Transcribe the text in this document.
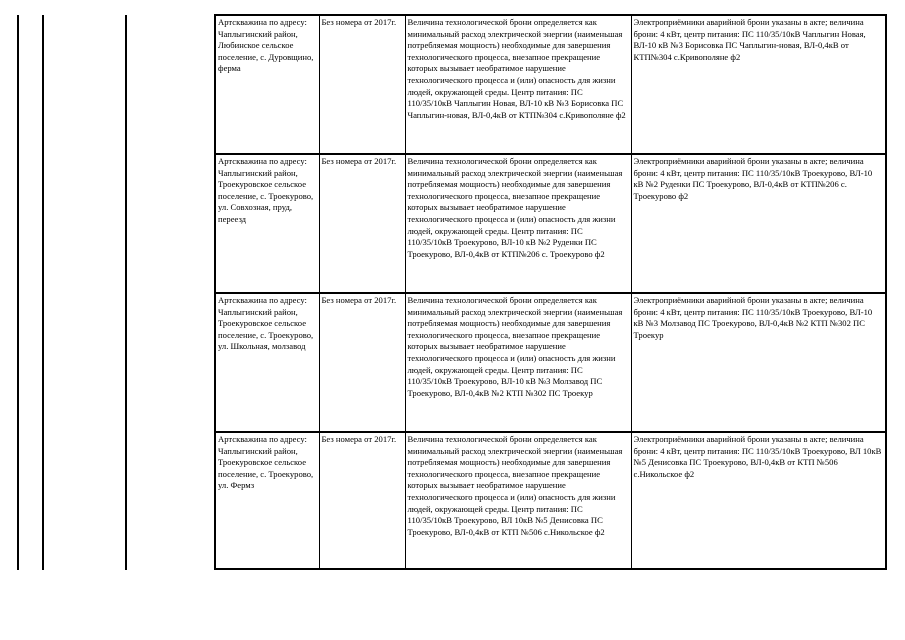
Артскважина по адресу: Чаплыгинский район, Любинское сельское поселение, с. Дуровщино, ферма	Без номера от 2017г.	Величина технологической брони определяется как минимальный расход электрической энергии (наименьшая потребляемая мощность) необходимые для завершения технологического процесса, внезапное прекращение которых вызывает необратимое нарушение технологического процесса и (или) опасность для жизни людей, окружающей среды. Центр питания: ПС 110/35/10кВ Чаплыгин Новая, ВЛ-10 кВ №3 Борисовка ПС Чаплыгин-новая, ВЛ-0,4кВ от КТП№304 с.Кривополяне ф2	Электроприёмники аварийной брони указаны в акте; величина брони: 4 кВт, центр питания: ПС 110/35/10кВ Чаплыгин Новая, ВЛ-10 кВ №3 Борисовка ПС Чаплыгин-новая, ВЛ-0,4кВ от КТП№304 с.Кривополяне ф2
Артскважина по адресу: Чаплыгинский район, Троекуровское сельское поселение, с. Троекурово, ул. Совхозная, пруд, переезд	Без номера от 2017г.	Величина технологической брони определяется как минимальный расход электрической энергии (наименьшая потребляемая мощность) необходимые для завершения технологического процесса, внезапное прекращение которых вызывает необратимое нарушение технологического процесса и (или) опасность для жизни людей, окружающей среды. Центр питания: ПС 110/35/10кВ Троекурово, ВЛ-10 кВ №2 Руденки ПС Троекурово, ВЛ-0,4кВ от КТП№206 с. Троекурово ф2	Электроприёмники аварийной брони указаны в акте; величина брони: 4 кВт, центр питания: ПС 110/35/10кВ Троекурово, ВЛ-10 кВ №2 Руденки ПС Троекурово, ВЛ-0,4кВ от КТП№206 с. Троекурово ф2
Артскважина по адресу: Чаплыгинский район, Троекуровское сельское поселение, с. Троекурово, ул. Школьная, молзавод	Без номера от 2017г.	Величина технологической брони определяется как минимальный расход электрической энергии (наименьшая потребляемая мощность) необходимые для завершения технологического процесса, внезапное прекращение которых вызывает необратимое нарушение технологического процесса и (или) опасность для жизни людей, окружающей среды. Центр питания: ПС 110/35/10кВ Троекурово, ВЛ-10 кВ №3 Молзавод ПС Троекурово, ВЛ-0,4кВ №2 КТП №302 ПС Троекур	Электроприёмники аварийной брони указаны в акте; величина брони: 4 кВт, центр питания: ПС 110/35/10кВ Троекурово, ВЛ-10 кВ №3 Молзавод ПС Троекурово, ВЛ-0,4кВ №2 КТП №302 ПС Троекур
Артскважина по адресу: Чаплыгинский район, Троекуровское сельское поселение, с. Троекурово, ул. Фермз	Без номера от 2017г.	Величина технологической брони определяется как минимальный расход электрической энергии (наименьшая потребляемая мощность) необходимые для завершения технологического процесса, внезапное прекращение которых вызывает необратимое нарушение технологического процесса и (или) опасность для жизни людей, окружающей среды. Центр питания: ПС 110/35/10кВ Троекурово, ВЛ 10кВ №5 Денисовка ПС Троекурово, ВЛ-0,4кВ от КТП №506 с.Никольское ф2	Электроприёмники аварийной брони указаны в акте; величина брони: 4 кВт, центр питания: ПС 110/35/10кВ Троекурово, ВЛ 10кВ №5 Денисовка ПС Троекурово, ВЛ-0,4кВ от КТП №506 с.Никольское ф2
